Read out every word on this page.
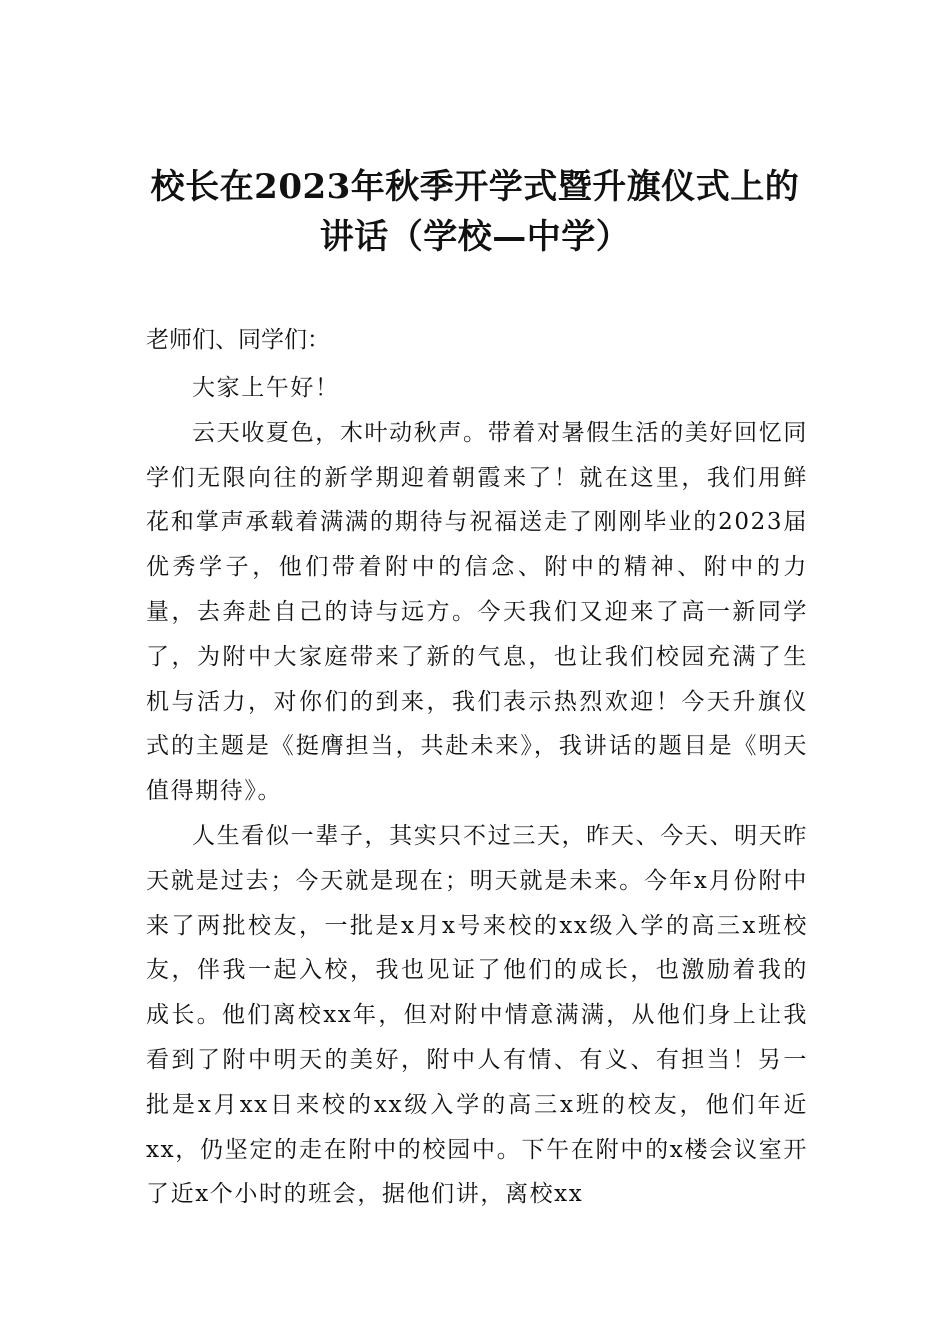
校长在2023年秋季开学式暨升旗仪式上的
讲话（学校—中学）

老师们、同学们：

大家上午好！

云天收夏色，木叶动秋声。带着对暑假生活的美好回忆同学们无限向往的新学期迎着朝霞来了！就在这里，我们用鲜花和掌声承载着满满的期待与祝福送走了刚刚毕业的2023届优秀学子，他们带着附中的信念、附中的精神、附中的力量，去奔赴自己的诗与远方。今天我们又迎来了高一新同学了，为附中大家庭带来了新的气息，也让我们校园充满了生机与活力，对你们的到来，我们表示热烈欢迎！今天升旗仪式的主题是《挺膺担当，共赴未来》，我讲话的题目是《明天值得期待》。

人生看似一辈子，其实只不过三天，昨天、今天、明天昨天就是过去；今天就是现在；明天就是未来。今年x月份附中来了两批校友，一批是x月x号来校的xx级入学的高三x班校友，伴我一起入校，我也见证了他们的成长，也激励着我的成长。他们离校xx年，但对附中情意满满，从他们身上让我看到了附中明天的美好，附中人有情、有义、有担当！另一批是x月xx日来校的xx级入学的高三x班的校友，他们年近xx，仍坚定的走在附中的校园中。下午在附中的x楼会议室开了近x个小时的班会，据他们讲，离校xx
